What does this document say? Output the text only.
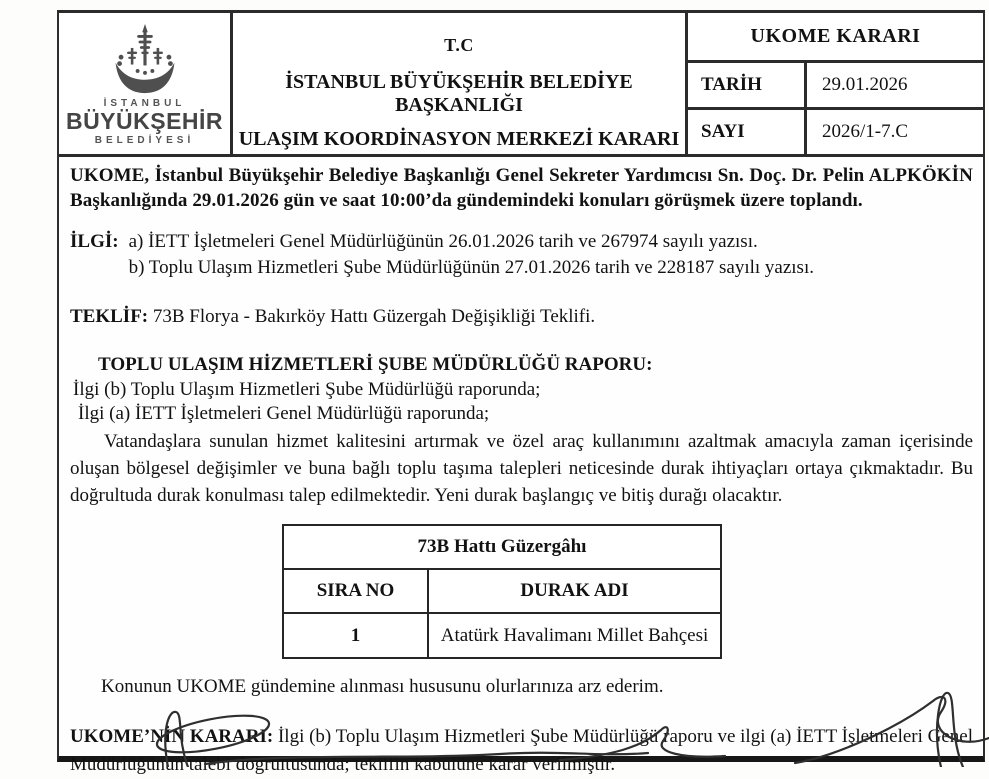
İSTANBUL
BÜYÜKŞEHİR
BELEDİYESİ
T.C
İSTANBUL BÜYÜKŞEHİR BELEDİYE BAŞKANLIĞI
ULAŞIM KOORDİNASYON MERKEZİ KARARI
UKOME KARARI
TARİH	29.01.2026
SAYI	2026/1-7.C

UKOME, İstanbul Büyükşehir Belediye Başkanlığı Genel Sekreter Yardımcısı Sn. Doç. Dr. Pelin ALPKÖKİN Başkanlığında 29.01.2026 gün ve saat 10:00’da gündemindeki konuları görüşmek üzere toplandı.

İLGİ: a) İETT İşletmeleri Genel Müdürlüğünün 26.01.2026 tarih ve 267974 sayılı yazısı.
b) Toplu Ulaşım Hizmetleri Şube Müdürlüğünün 27.01.2026 tarih ve 228187 sayılı yazısı.

TEKLİF: 73B Florya - Bakırköy Hattı Güzergah Değişikliği Teklifi.

TOPLU ULAŞIM HİZMETLERİ ŞUBE MÜDÜRLÜĞÜ RAPORU:

İlgi (b) Toplu Ulaşım Hizmetleri Şube Müdürlüğü raporunda;

İlgi (a) İETT İşletmeleri Genel Müdürlüğü raporunda;

Vatandaşlara sunulan hizmet kalitesini artırmak ve özel araç kullanımını azaltmak amacıyla zaman içerisinde oluşan bölgesel değişimler ve buna bağlı toplu taşıma talepleri neticesinde durak ihtiyaçları ortaya çıkmaktadır. Bu doğrultuda durak konulması talep edilmektedir. Yeni durak başlangıç ve bitiş durağı olacaktır.

73B Hattı Güzergâhı	
SIRA NO	DURAK ADI
1	Atatürk Havalimanı Millet Bahçesi

Konunun UKOME gündemine alınması hususunu olurlarınıza arz ederim.

UKOME’NİN KARARI: İlgi (b) Toplu Ulaşım Hizmetleri Şube Müdürlüğü raporu ve ilgi (a) İETT İşletmeleri Genel Müdürlüğünün talebi doğrultusunda; teklifin kabulüne karar verilmiştir.
